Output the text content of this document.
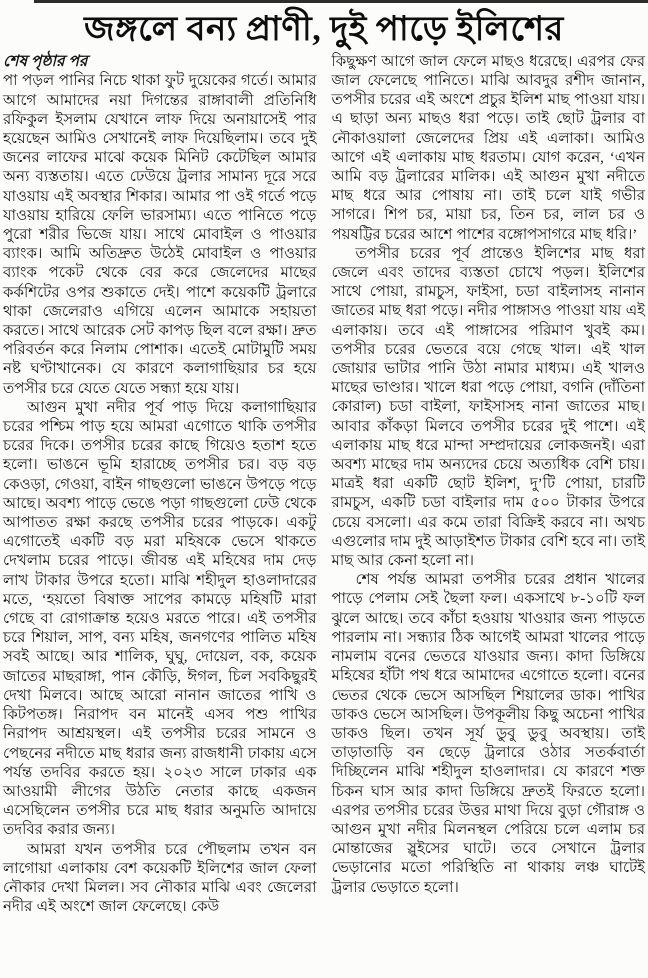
জঙ্গলে বন্য প্রাণী, দুই পাড়ে ইলিশের

শেষ পৃষ্ঠার পর

পা পড়ল পানির নিচে থাকা ফুট দুয়েকের গর্তে। আমার আগে আমাদের নয়া দিগন্তের রাঙ্গাবালী প্রতিনিধি রফিকুল ইসলাম যেখানে লাফ দিয়ে অনায়াসেই পার হয়েছেন আমিও সেখানেই লাফ দিয়েছিলাম। তবে দুই জনের লাফের মাঝে কয়েক মিনিট কেটেছিল আমার অন্য ব্যস্ততায়। এতে ঢেউয়ে ট্রলার সামান্য দূরে সরে যাওয়ায় এই অবস্থার শিকার। আমার পা ওই গর্তে পড়ে যাওয়ায় হারিয়ে ফেলি ভারসাম্য। এতে পানিতে পড়ে পুরো শরীর ভিজে যায়। সাথে মোবাইল ও পাওয়ার ব্যাংক। আমি অতিদ্রুত উঠেই মোবাইল ও পাওয়ার ব্যাংক পকেট থেকে বের করে জেলেদের মাছের কর্কশিটের ওপর শুকাতে দেই। পাশে কয়েকটি ট্রলারে থাকা জেলেরাও এগিয়ে এলেন আমাকে সহায়তা করতে। সাথে আরেক সেট কাপড় ছিল বলে রক্ষা। দ্রুত পরিবর্তন করে নিলাম পোশাক। এতেই মোটামুটি সময় নষ্ট ঘণ্টাখানেক। যে কারণে কলাগাছিয়ার চর হয়ে তপসীর চরে যেতে যেতে সন্ধ্যা হয়ে যায়।

আগুন মুখা নদীর পূর্ব পাড় দিয়ে কলাগাছিয়ার চরের পশ্চিম পাড় হয়ে আমরা এগোতে থাকি তপসীর চরের দিকে। তপসীর চরের কাছে গিয়েও হতাশ হতে হলো। ভাঙনে ভূমি হারাচ্ছে তপসীর চর। বড় বড় কেওড়া, গেওয়া, বাইন গাছগুলো ভাঙনে উপড়ে পড়ে আছে। অবশ্য পাড়ে ভেঙে পড়া গাছগুলো ঢেউ থেকে আপাতত রক্ষা করছে তপসীর চরের পাড়কে। একটু এগোতেই একটি বড় মরা মহিষকে ভেসে থাকতে দেখলাম চরের পাড়ে। জীবন্ত এই মহিষের দাম দেড় লাখ টাকার উপরে হতো। মাঝি শহীদুল হাওলাদারের মতে, ‘হয়তো বিষাক্ত সাপের কামড়ে মহিষটি মারা গেছে বা রোগাক্রান্ত হয়েও মরতে পারে। এই তপসীর চরে শিয়াল, সাপ, বন্য মহিষ, জনগণের পালিত মহিষ সবই আছে। আর শালিক, ঘুঘু, দোয়েল, বক, কয়েক জাতের মাছরাঙ্গা, পান কৌড়ি, ঈগল, চিল সবকিছুরই দেখা মিলবে। আছে আরো নানান জাতের পাখি ও কিটপতঙ্গ। নিরাপদ বন মানেই এসব পশু পাখির নিরাপদ আশ্রয়স্থল। এই তপসীর চরের সামনে ও পেছনের নদীতে মাছ ধরার জন্য রাজধানী ঢাকায় এসে পর্যন্ত তদবির করতে হয়। ২০২৩ সালে ঢাকার এক আওয়ামী লীগের উঠতি নেতার কাছে একজন এসেছিলেন তপসীর চরে মাছ ধরার অনুমতি আদায়ে তদবির করার জন্য।

আমরা যখন তপসীর চরে পৌছলাম তখন বন লাগোয়া এলাকায় বেশ কয়েকটি ইলিশের জাল ফেলা নৌকার দেখা মিলল। সব নৌকার মাঝি এবং জেলেরা নদীর এই অংশে জাল ফেলেছে। কেউ

কিছুক্ষণ আগে জাল ফেলে মাছও ধরেছে। এরপর ফের জাল ফেলেছে পানিতে। মাঝি আবদুর রশীদ জানান, তপসীর চরের এই অংশে প্রচুর ইলিশ মাছ পাওয়া যায়। এ ছাড়া অন্য মাছও ধরা পড়ে। তাই ছোট ট্রলার বা নৌকাওয়ালা জেলেদের প্রিয় এই এলাকা। আমিও আগে এই এলাকায় মাছ ধরতাম। যোগ করেন, ‘এখন আমি বড় ট্রলারের মালিক। এই আগুন মুখা নদীতে মাছ ধরে আর পোষায় না। তাই চলে যাই গভীর সাগরে। শিপ চর, মায়া চর, তিন চর, লাল চর ও পয়ষট্টির চরের আশে পাশের বঙ্গোপসাগরে মাছ ধরি।’

তপসীর চরের পূর্ব প্রান্তেও ইলিশের মাছ ধরা জেলে এবং তাদের ব্যস্ততা চোখে পড়ল। ইলিশের সাথে পোয়া, রামচুস, ফাইসা, চডা বাইলাসহ নানান জাতের মাছ ধরা পড়ে। নদীর পাঙ্গাসও পাওয়া যায় এই এলাকায়। তবে এই পাঙ্গাসের পরিমাণ খুবই কম। তপসীর চরের ভেতরে বয়ে গেছে খাল। এই খাল জোয়ার ভাটার পানি উঠা নামার মাধ্যম। এই খালও মাছের ভাণ্ডার। খালে ধরা পড়ে পোয়া, বগনি (দাঁতিনা কোরাল) চডা বাইলা, ফাইসাসহ নানা জাতের মাছ। আবার কাঁকড়া মিলবে তপসীর চরের দুই পাশে। এই এলাকায় মাছ ধরে মান্দা সম্প্রদায়ের লোকজনই। এরা অবশ্য মাছের দাম অন্যদের চেয়ে অত্যধিক বেশি চায়। মাত্রই ধরা একটি ছোট ইলিশ, দু’টি পোয়া, চারটি রামচুস, একটি চডা বাইলার দাম ৫০০ টাকার উপরে চেয়ে বসলো। এর কমে তারা বিক্রিই করবে না। অথচ এগুলোর দাম দুই আড়াইশত টাকার বেশি হবে না। তাই মাছ আর কেনা হলো না।

শেষ পর্যন্ত আমরা তপসীর চরের প্রধান খালের পাড়ে পেলাম সেই ছৈলা ফল। একসাথে ৮-১০টি ফল ঝুলে আছে। তবে কাঁচা হওয়ায় খাওয়ার জন্য পাড়তে পারলাম না। সন্ধ্যার ঠিক আগেই আমরা খালের পাড়ে নামলাম বনের ভেতরে যাওয়ার জন্য। কাদা ডিঙ্গিয়ে মহিষের হাঁটা পথ ধরে আমাদের এগোতে হলো। বনের ভেতর থেকে ভেসে আসছিল শিয়ালের ডাক। পাখির ডাকও ভেসে আসছিল। উপকূলীয় কিছু অচেনা পাখির ডাকও ছিল। তখন সূর্য ডুবু ডুবু অবস্থায়। তাই তাড়াতাড়ি বন ছেড়ে ট্রলারে ওঠার সতর্কবার্তা দিচ্ছিলেন মাঝি শহীদুল হাওলাদার। যে কারণে শক্ত চিকন ঘাস আর কাদা ডিঙ্গিয়ে দ্রুতই ফিরতে হলো। এরপর তপসীর চরের উত্তর মাথা দিয়ে বুড়া গৌরাঙ্গ ও আগুন মুখা নদীর মিলনস্থল পেরিয়ে চলে এলাম চর মোন্তাজের স্লুইসের ঘাটে। তবে সেখানে ট্রলার ভেড়ানোর মতো পরিস্থিতি না থাকায় লঞ্চ ঘাটেই ট্রলার ভেড়াতে হলো।
